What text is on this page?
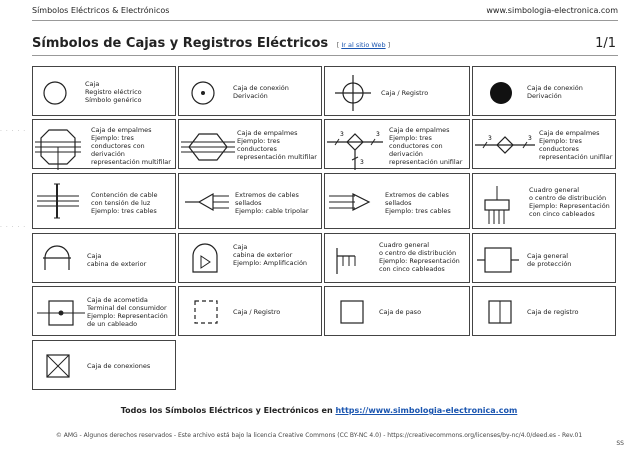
Símbolos Eléctricos & Electrónicos	www.simbologia-electronica.com
Símbolos de Cajas y Registros Eléctricos [ Ir al sitio Web ]	1/1
· · · · ·
· · · · ·
Caja
Registro eléctrico
Símbolo genérico
Caja de conexión
Derivación	Caja / Registro
Caja de conexión
Derivación
Caja de empalmes
Ejemplo: tres
conductores con
derivación
representación multifilar
Caja de empalmes
Ejemplo: tres
conductores
representación multifilar
3	3
3
Caja de empalmes
Ejemplo: tres
conductores con
derivación
representación unifilar
3	3
Caja de empalmes
Ejemplo: tres
conductores
representación unifilar
Contención de cable
con tensión de luz
Ejemplo: tres cables
Extremos de cables
sellados
Ejemplo: cable tripolar
Extremos de cables
sellados
Ejemplo: tres cables
Cuadro general
o centro de distribución
Ejemplo: Representación
con cinco cableados
Caja
cabina de exterior
Caja
cabina de exterior
Ejemplo: Amplificación
Cuadro general
o centro de distribución
Ejemplo: Representación
con cinco cableados
Caja general
de protección
Caja de acometida
Terminal del consumidor
Ejemplo: Representación
de un cableado
Caja / Registro	Caja de paso	Caja de registro
Caja de conexiones
Todos los Símbolos Eléctricos y Electrónicos en https://www.simbologia-electronica.com
© AMG - Algunos derechos reservados - Este archivo está bajo la licencia Creative Commons (CC BY-NC 4.0) - https://creativecommons.org/licenses/by-nc/4.0/deed.es - Rev.01
SS
